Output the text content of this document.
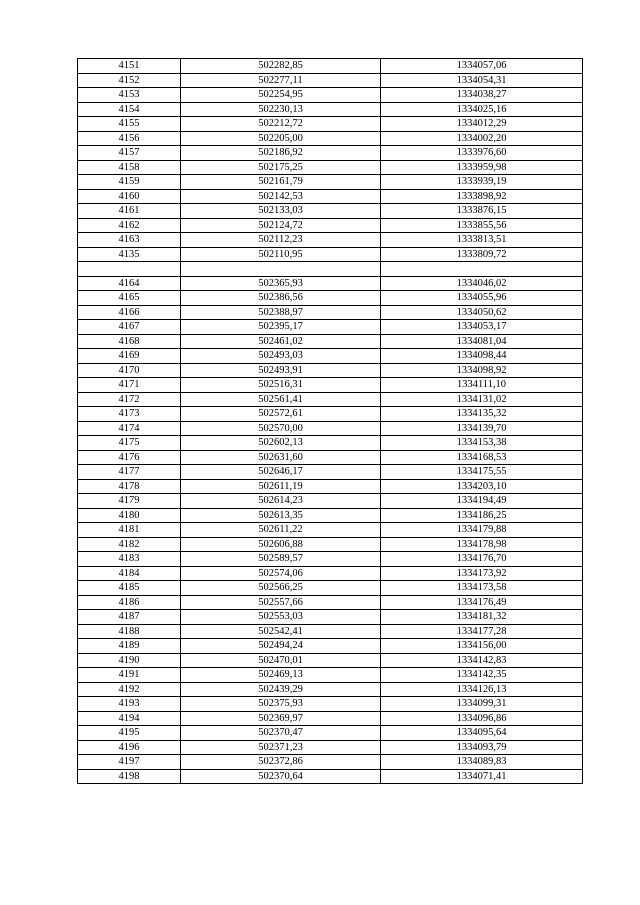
4151	502282,85	1334057,06
4152	502277,11	1334054,31
4153	502254,95	1334038,27
4154	502230,13	1334025,16
4155	502212,72	1334012,29
4156	502205,00	1334002,20
4157	502186,92	1333976,60
4158	502175,25	1333959,98
4159	502161,79	1333939,19
4160	502142,53	1333898,92
4161	502133,03	1333876,15
4162	502124,72	1333855,56
4163	502112,23	1333813,51
4135	502110,95	1333809,72

4164	502365,93	1334046,02
4165	502386,56	1334055,96
4166	502388,97	1334050,62
4167	502395,17	1334053,17
4168	502461,02	1334081,04
4169	502493,03	1334098,44
4170	502493,91	1334098,92
4171	502516,31	1334111,10
4172	502561,41	1334131,02
4173	502572,61	1334135,32
4174	502570,00	1334139,70
4175	502602,13	1334153,38
4176	502631,60	1334168,53
4177	502646,17	1334175,55
4178	502611,19	1334203,10
4179	502614,23	1334194,49
4180	502613,35	1334186,25
4181	502611,22	1334179,88
4182	502606,88	1334178,98
4183	502589,57	1334176,70
4184	502574,06	1334173,92
4185	502566,25	1334173,58
4186	502557,66	1334176,49
4187	502553,03	1334181,32
4188	502542,41	1334177,28
4189	502494,24	1334156,00
4190	502470,01	1334142,83
4191	502469,13	1334142,35
4192	502439,29	1334126,13
4193	502375,93	1334099,31
4194	502369,97	1334096,86
4195	502370,47	1334095,64
4196	502371,23	1334093,79
4197	502372,86	1334089,83
4198	502370,64	1334071,41
